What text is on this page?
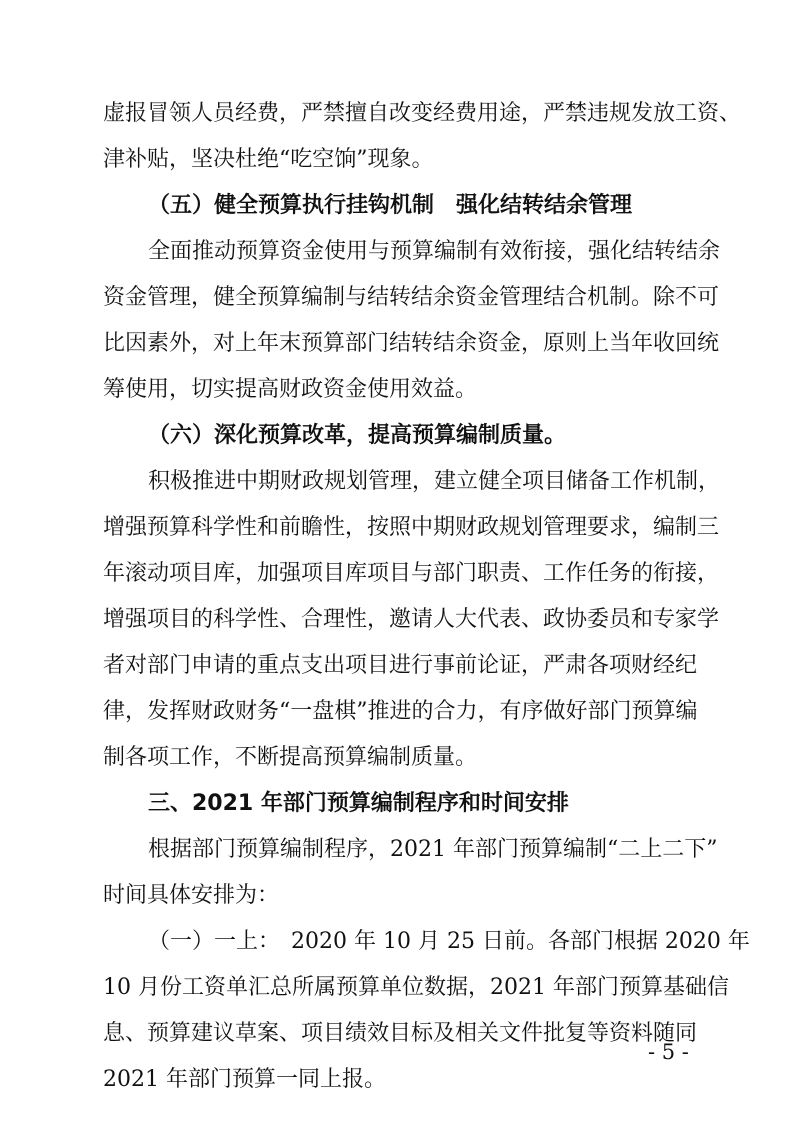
虚报冒领人员经费，严禁擅自改变经费用途，严禁违规发放工资、
津补贴，坚决杜绝“吃空饷”现象。
（五）健全预算执行挂钩机制　强化结转结余管理
全面推动预算资金使用与预算编制有效衔接，强化结转结余
资金管理，健全预算编制与结转结余资金管理结合机制。除不可
比因素外，对上年末预算部门结转结余资金，原则上当年收回统
筹使用，切实提高财政资金使用效益。
（六）深化预算改革，提高预算编制质量。
积极推进中期财政规划管理，建立健全项目储备工作机制，
增强预算科学性和前瞻性，按照中期财政规划管理要求，编制三
年滚动项目库，加强项目库项目与部门职责、工作任务的衔接，
增强项目的科学性、合理性，邀请人大代表、政协委员和专家学
者对部门申请的重点支出项目进行事前论证，严肃各项财经纪
律，发挥财政财务“一盘棋”推进的合力，有序做好部门预算编
制各项工作，不断提高预算编制质量。
三、2021 年部门预算编制程序和时间安排
根据部门预算编制程序，2021 年部门预算编制“二上二下”
时间具体安排为：
（一）一上：　2020 年 10 月 25 日前。各部门根据 2020 年
10 月份工资单汇总所属预算单位数据，2021 年部门预算基础信
息、预算建议草案、项目绩效目标及相关文件批复等资料随同
2021 年部门预算一同上报。
- 5 -
